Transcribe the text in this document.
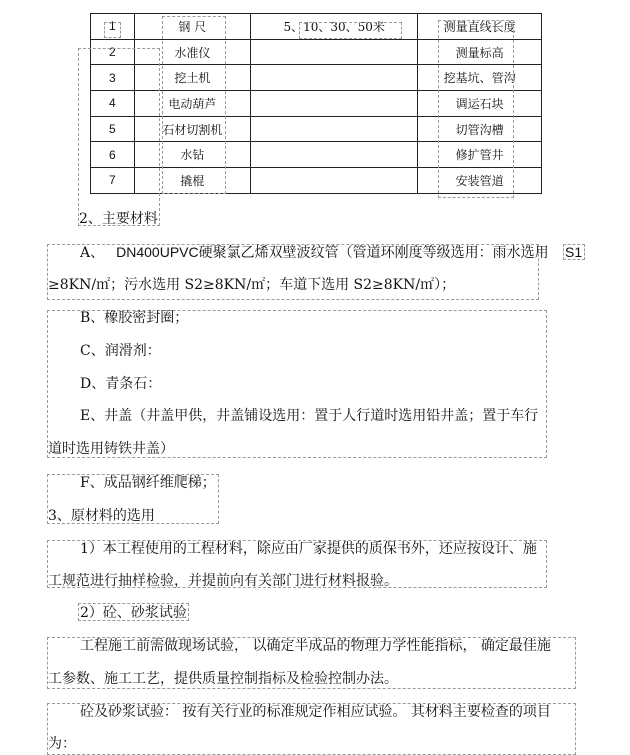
1	钢 尺	5、10、30、50米	测量直线长度
2	水准仪		测量标高
3	挖土机		挖基坑、管沟
4	电动葫芦		调运石块
5	石材切割机		切管沟槽
6	水钻		修扩管井
7	撬棍		安装管道
2、主要材料
A、 DN400UPVC硬聚氯乙烯双壁波纹管（管道环刚度等级选用：雨水选用 S1
≥8KN/㎡；污水选用 S2≥8KN/㎡；车道下选用 S2≥8KN/㎡）；
B、橡胶密封圈；
C、润滑剂：
D、青条石：
E、井盖（井盖甲供，井盖铺设选用：置于人行道时选用铅井盖；置于车行
道时选用铸铁井盖）
F、成品钢纤维爬梯；
3、原材料的选用
1）本工程使用的工程材料，除应由厂家提供的质保书外，还应按设计、施
工规范进行抽样检验，并提前向有关部门进行材料报验。
2）砼、砂浆试验
工程施工前需做现场试验， 以确定半成品的物理力学性能指标， 确定最佳施
工参数、施工工艺，提供质量控制指标及检验控制办法。
砼及砂浆试验： 按有关行业的标准规定作相应试验。 其材料主要检查的项目
为：
